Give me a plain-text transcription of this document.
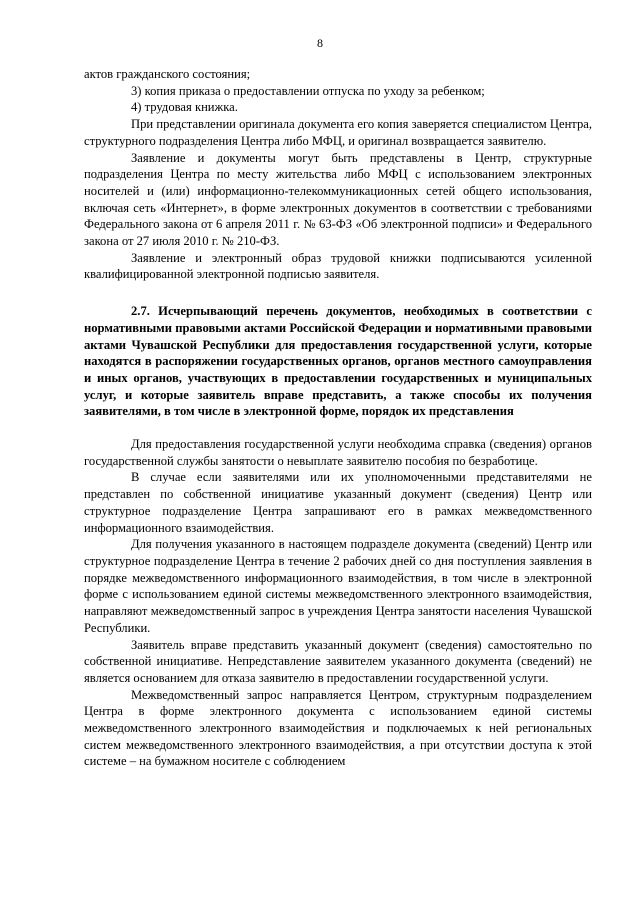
8

актов гражданского состояния;

3) копия приказа о предоставлении отпуска по уходу за ребенком;

4) трудовая книжка.

При представлении оригинала документа его копия заверяется специалистом Центра, структурного подразделения Центра либо МФЦ, и оригинал возвращается заявителю.

Заявление и документы могут быть представлены в Центр, структурные подразделения Центра по месту жительства либо МФЦ с использованием электронных носителей и (или) информационно-телекоммуникационных сетей общего использования, включая сеть «Интернет», в форме электронных документов в соответствии с требованиями Федерального закона от 6 апреля 2011 г. № 63-ФЗ «Об электронной подписи» и Федерального закона от 27 июля 2010 г. № 210-ФЗ.

Заявление и электронный образ трудовой книжки подписываются усиленной квалифицированной электронной подписью заявителя.

2.7. Исчерпывающий перечень документов, необходимых в соответствии с нормативными правовыми актами Российской Федерации и нормативными правовыми актами Чувашской Республики для предоставления государственной услуги, которые находятся в распоряжении государственных органов, органов местного самоуправления и иных органов, участвующих в предоставлении государственных и муниципальных услуг, и которые заявитель вправе представить, а также способы их получения заявителями, в том числе в электронной форме, порядок их представления

Для предоставления государственной услуги необходима справка (сведения) органов государственной службы занятости о невыплате заявителю пособия по безработице.

В случае если заявителями или их уполномоченными представителями не представлен по собственной инициативе указанный документ (сведения) Центр или структурное подразделение Центра запрашивают его в рамках межведомственного информационного взаимодействия.

Для получения указанного в настоящем подразделе документа (сведений) Центр или структурное подразделение Центра в течение 2 рабочих дней со дня поступления заявления в порядке межведомственного информационного взаимодействия, в том числе в электронной форме с использованием единой системы межведомственного электронного взаимодействия, направляют межведомственный запрос в учреждения Центра занятости населения Чувашской Республики.

Заявитель вправе представить указанный документ (сведения) самостоятельно по собственной инициативе. Непредставление заявителем указанного документа (сведений) не является основанием для отказа заявителю в предоставлении государственной услуги.

Межведомственный запрос направляется Центром, структурным подразделением Центра в форме электронного документа с использованием единой системы межведомственного электронного взаимодействия и подключаемых к ней региональных систем межведомственного электронного взаимодействия, а при отсутствии доступа к этой системе – на бумажном носителе с соблюдением
